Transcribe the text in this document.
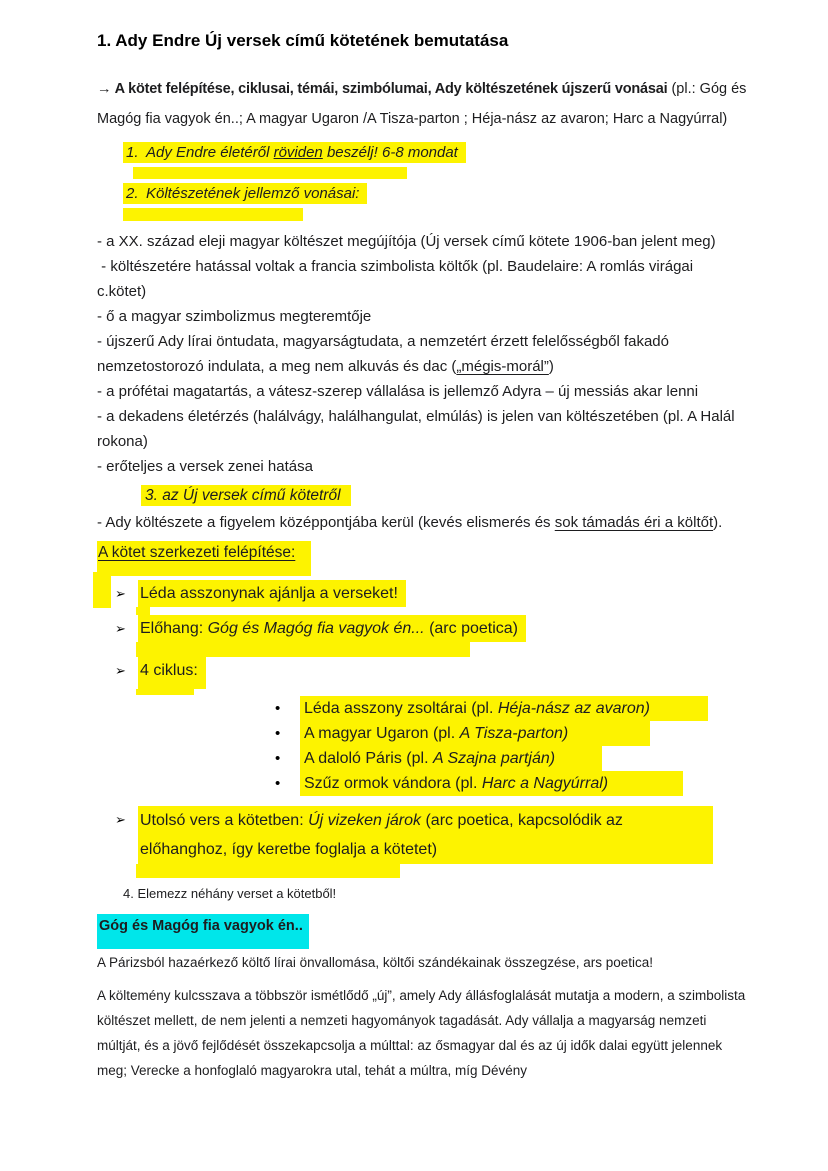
1. Ady Endre Új versek című kötetének bemutatása

→ A kötet felépítése, ciklusai, témái, szimbólumai, Ady költészetének újszerű vonásai (pl.: Góg és Magóg fia vagyok én..; A magyar Ugaron /A Tisza-parton ; Héja-nász az avaron; Harc a Nagyúrral)

1. Ady Endre életéről röviden beszélj! 6-8 mondat
2. Költészetének jellemző vonásai:

- a XX. század eleji magyar költészet megújítója (Új versek című kötete 1906-ban jelent meg)

- költészetére hatással voltak a francia szimbolista költők (pl. Baudelaire: A romlás virágai c.kötet)

- ő a magyar szimbolizmus megteremtője

- újszerű Ady lírai öntudata, magyarságtudata, a nemzetért érzett felelősségből fakadó nemzetostorozó indulata, a meg nem alkuvás és dac („mégis-morál”)

- a prófétai magatartás, a vátesz-szerep vállalása is jellemző Adyra – új messiás akar lenni

- a dekadens életérzés (halálvágy, halálhangulat, elmúlás) is jelen van költészetében (pl. A Halál rokona)

- erőteljes a versek zenei hatása

3. az Új versek című kötetről

- Ady költészete a figyelem középpontjába kerül (kevés elismerés és sok támadás éri a költőt).

A kötet szerkezeti felépítése:
➢ Léda asszonynak ajánlja a verseket!
➢ Előhang: Góg és Magóg fia vagyok én... (arc poetica)
➢ 4 ciklus:
•	Léda asszony zsoltárai (pl. Héja-nász az avaron)
•	A magyar Ugaron (pl. A Tisza-parton)
•	A daloló Páris (pl. A Szajna partján)
•	Szűz ormok vándora (pl. Harc a Nagyúrral)
➢ Utolsó vers a kötetben: Új vizeken járok (arc poetica, kapcsolódik az előhanghoz, így keretbe foglalja a kötetet)
4. Elemezz néhány verset a kötetből!
Góg és Magóg fia vagyok én..

A Párizsból hazaérkező költő lírai önvallomása, költői szándékainak összegzése, ars poetica!

A költemény kulcsszava a többször ismétlődő „új”, amely Ady állásfoglalását mutatja a modern, a szimbolista költészet mellett, de nem jelenti a nemzeti hagyományok tagadását. Ady vállalja a magyarság nemzeti múltját, és a jövő fejlődését összekapcsolja a múlttal: az ősmagyar dal és az új idők dalai együtt jelennek meg; Verecke a honfoglaló magyarokra utal, tehát a múltra, míg Dévény
